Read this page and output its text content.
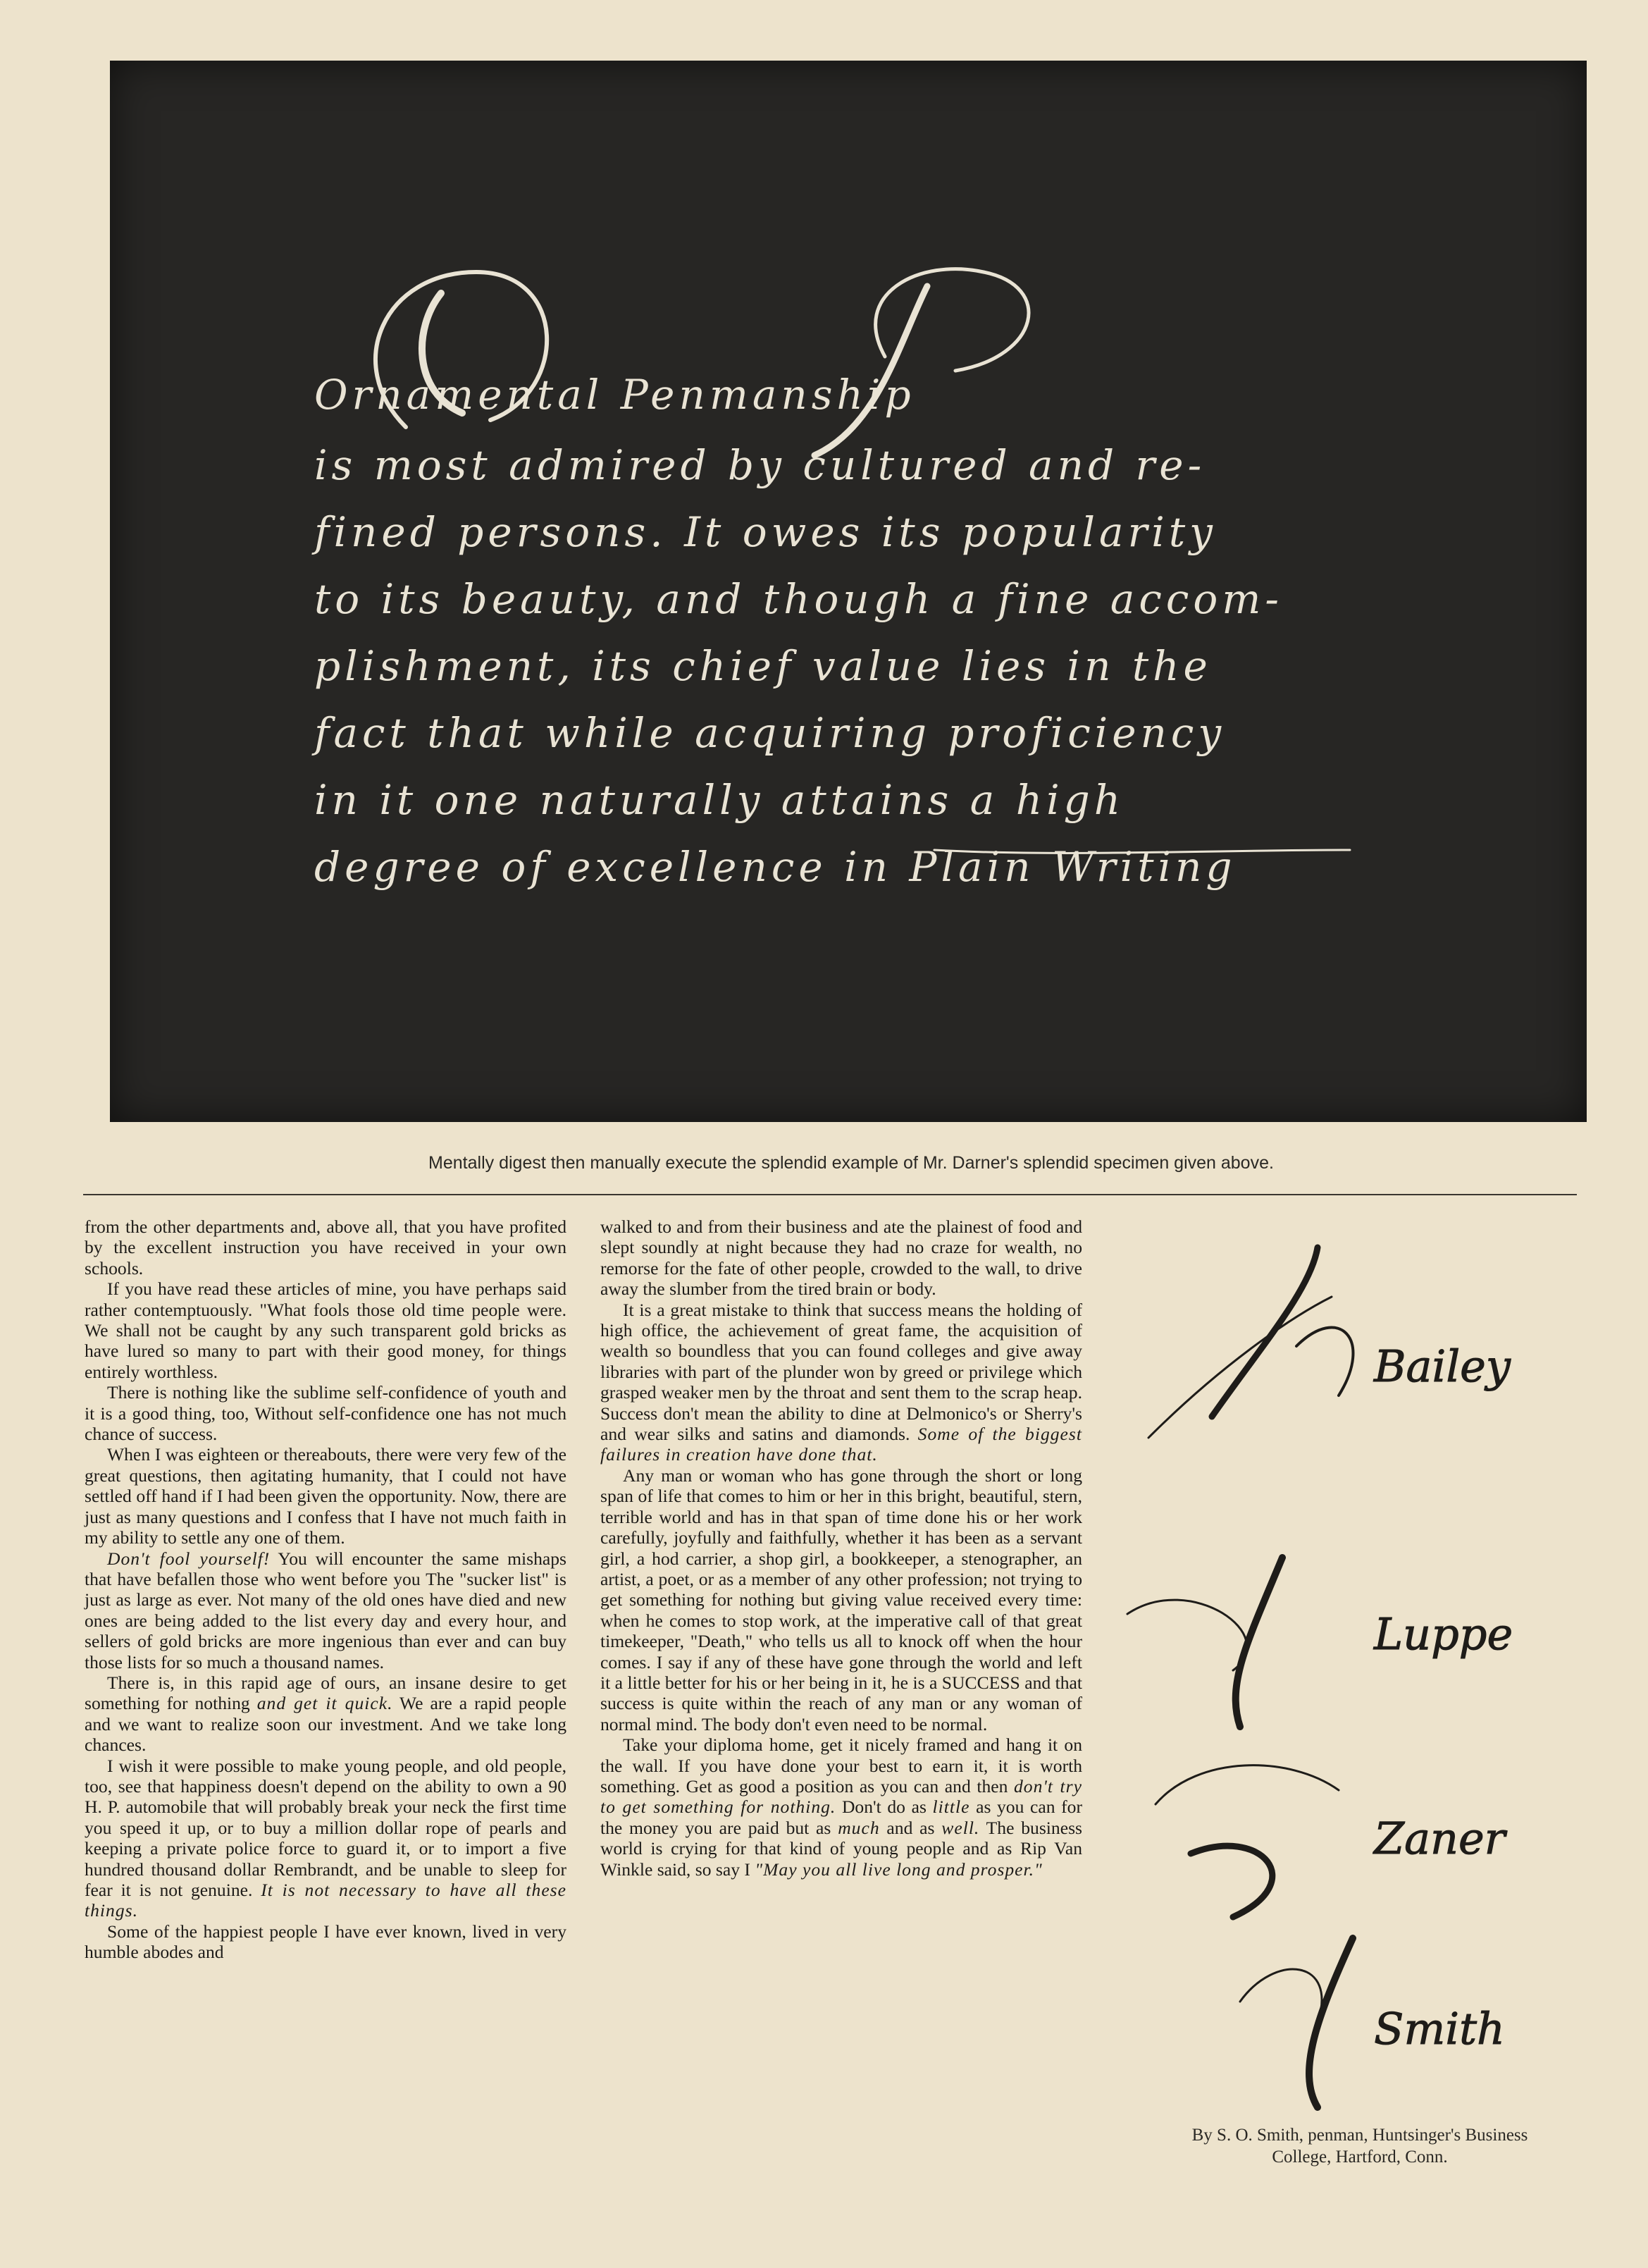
Ornamental Penmanship
is most admired by cultured and re-
fined persons. It owes its popularity
to its beauty, and though a fine accom-
plishment, its chief value lies in the
fact that while acquiring proficiency
in it one naturally attains a high
degree of excellence in Plain Writing
Mentally digest then manually execute the splendid example of Mr. Darner's splendid specimen given above.

from the other departments and, above all, that you have profited by the excellent instruction you have received in your own schools.

If you have read these articles of mine, you have perhaps said rather contemptuously. "What fools those old time people were. We shall not be caught by any such transparent gold bricks as have lured so many to part with their good money, for things entirely worthless.

There is nothing like the sublime self-confidence of youth and it is a good thing, too, Without self-confidence one has not much chance of success.

When I was eighteen or thereabouts, there were very few of the great questions, then agitating humanity, that I could not have settled off hand if I had been given the opportunity. Now, there are just as many questions and I confess that I have not much faith in my ability to settle any one of them.

Don't fool yourself! You will encounter the same mishaps that have befallen those who went before you The "sucker list" is just as large as ever. Not many of the old ones have died and new ones are being added to the list every day and every hour, and sellers of gold bricks are more ingenious than ever and can buy those lists for so much a thousand names.

There is, in this rapid age of ours, an insane desire to get something for nothing and get it quick. We are a rapid people and we want to realize soon our investment. And we take long chances.

I wish it were possible to make young people, and old people, too, see that happiness doesn't depend on the ability to own a 90 H. P. automobile that will probably break your neck the first time you speed it up, or to buy a million dollar rope of pearls and keeping a private police force to guard it, or to import a five hundred thousand dollar Rembrandt, and be unable to sleep for fear it is not genuine. It is not necessary to have all these things.

Some of the happiest people I have ever known, lived in very humble abodes and

walked to and from their business and ate the plainest of food and slept soundly at night because they had no craze for wealth, no remorse for the fate of other people, crowded to the wall, to drive away the slumber from the tired brain or body.

It is a great mistake to think that success means the holding of high office, the achievement of great fame, the acquisition of wealth so boundless that you can found colleges and give away libraries with part of the plunder won by greed or privilege which grasped weaker men by the throat and sent them to the scrap heap. Success don't mean the ability to dine at Delmonico's or Sherry's and wear silks and satins and diamonds. Some of the biggest failures in creation have done that.

Any man or woman who has gone through the short or long span of life that comes to him or her in this bright, beautiful, stern, terrible world and has in that span of time done his or her work carefully, joyfully and faithfully, whether it has been as a servant girl, a hod carrier, a shop girl, a bookkeeper, a stenographer, an artist, a poet, or as a member of any other profession; not trying to get something for nothing but giving value received every time: when he comes to stop work, at the imperative call of that great timekeeper, "Death," who tells us all to knock off when the hour comes. I say if any of these have gone through the world and left it a little better for his or her being in it, he is a SUCCESS and that success is quite within the reach of any man or any woman of normal mind. The body don't even need to be normal.

Take your diploma home, get it nicely framed and hang it on the wall. If you have done your best to earn it, it is worth something. Get as good a position as you can and then don't try to get something for nothing. Don't do as little as you can for the money you are paid but as much and as well. The business world is crying for that kind of young people and as Rip Van Winkle said, so say I "May you all live long and prosper."

Bailey
Luppe
Zaner
Smith
By S. O. Smith, penman, Huntsinger's Business
College, Hartford, Conn.
